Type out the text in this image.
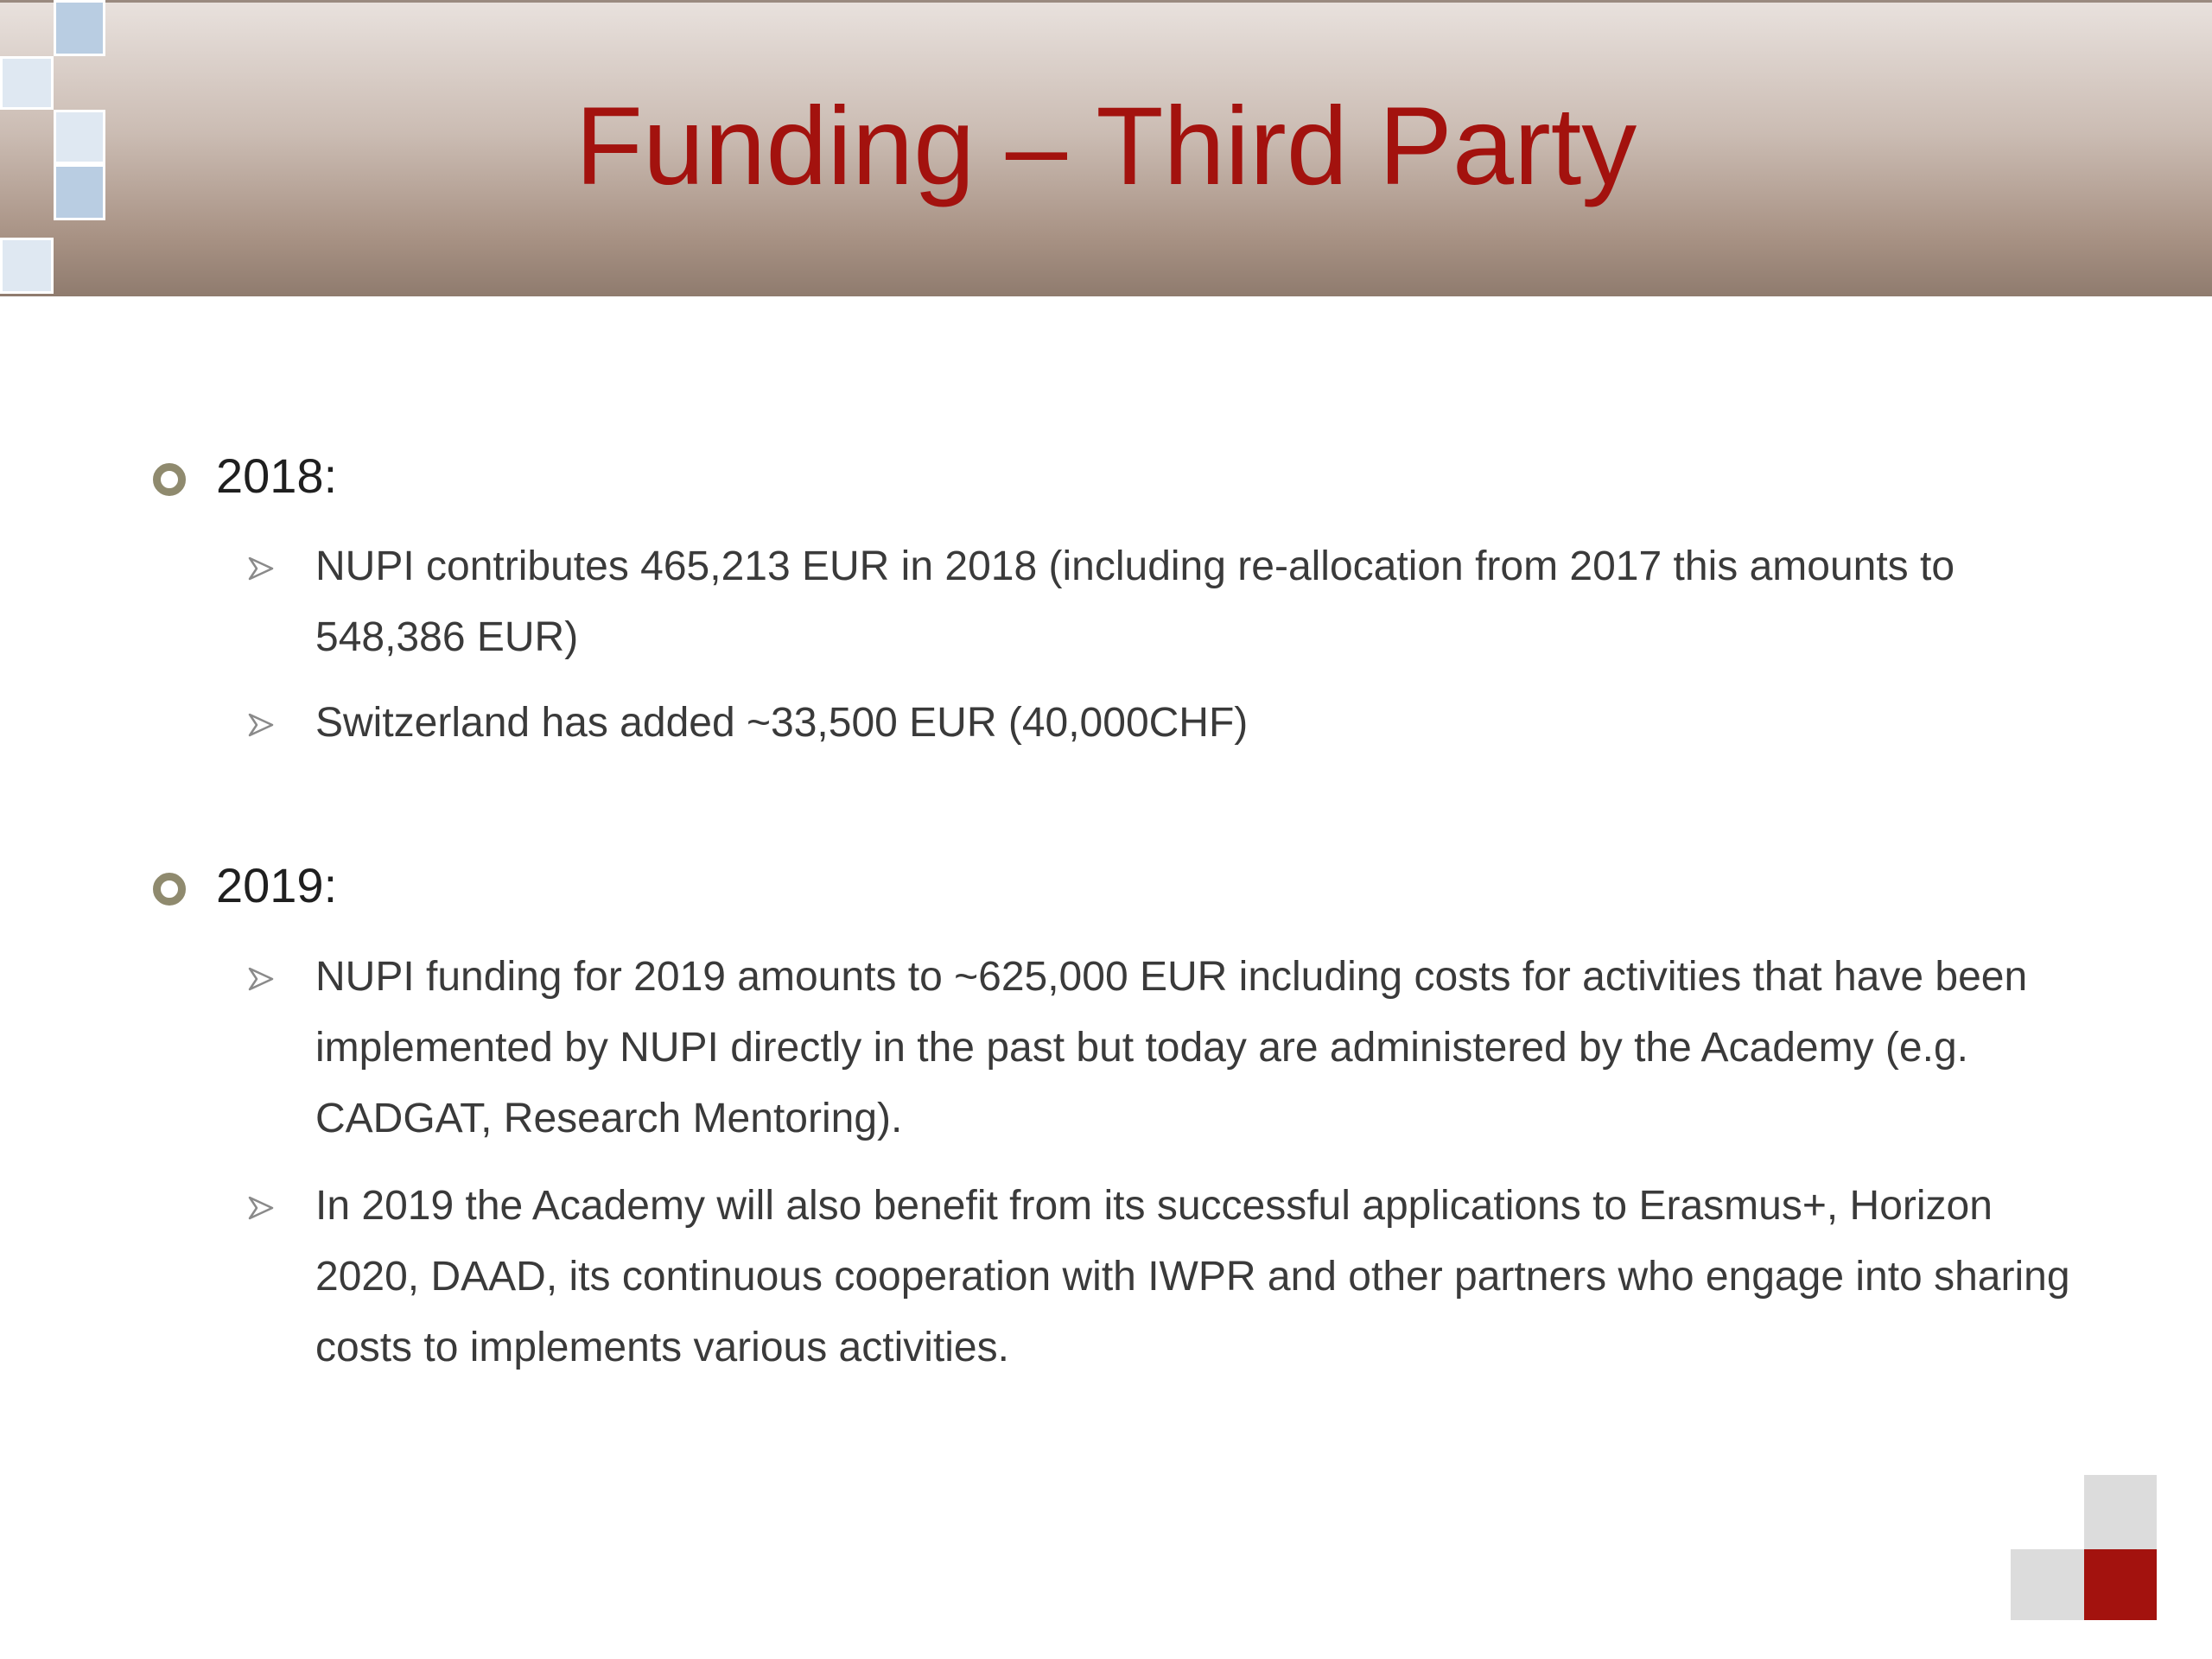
Funding – Third Party
2018:
NUPI contributes 465,213 EUR in 2018 (including re-allocation from 2017 this amounts to 548,386 EUR)
Switzerland has added ~33,500 EUR (40,000CHF)
2019:
NUPI funding for 2019 amounts to ~625,000 EUR including costs for activities that have been implemented by NUPI directly in the past but today are administered by the Academy (e.g. CADGAT, Research Mentoring).
In 2019 the Academy will also benefit from its successful applications to Erasmus+, Horizon 2020, DAAD, its continuous cooperation with IWPR and other partners who engage into sharing costs to implements various activities.
